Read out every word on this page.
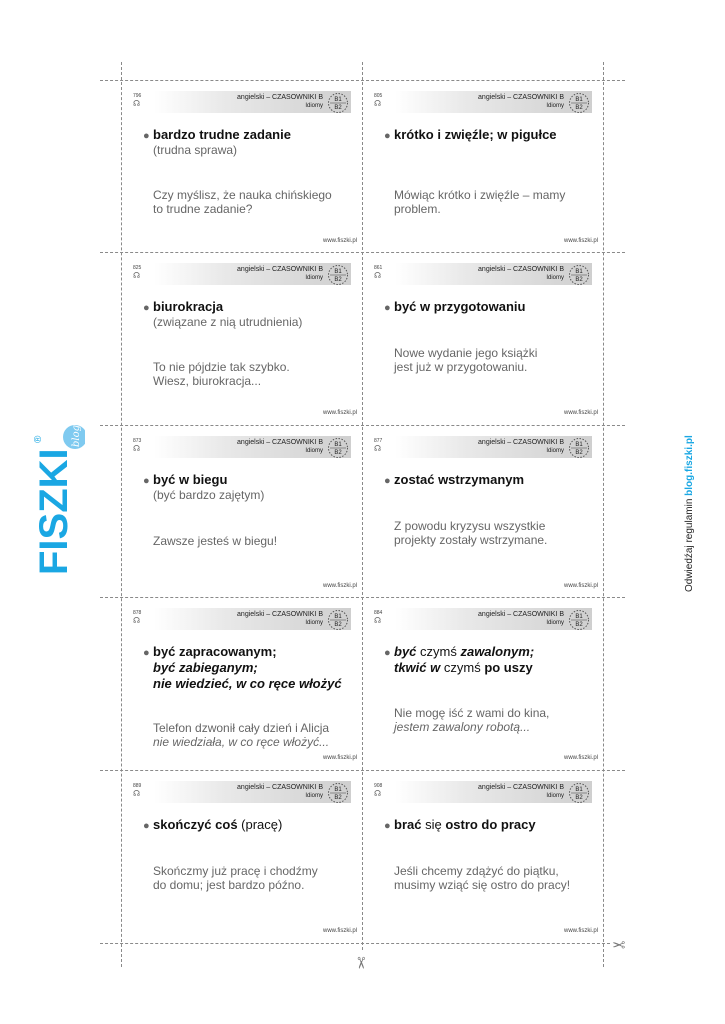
796
☊
angielski – CZASOWNIKI B
Idiomy
B1
B2
● bardzo trudne zadanie
(trudna sprawa)
Czy myślisz, że nauka chińskiego
to trudne zadanie?
www.fiszki.pl
805
☊
angielski – CZASOWNIKI B
Idiomy
B1
B2
● krótko i zwięźle; w pigułce
Mówiąc krótko i zwięźle – mamy
problem.
www.fiszki.pl
825
☊
angielski – CZASOWNIKI B
Idiomy
B1
B2
● biurokracja
(związane z nią utrudnienia)
To nie pójdzie tak szybko.
Wiesz, biurokracja...
www.fiszki.pl
861
☊
angielski – CZASOWNIKI B
Idiomy
B1
B2
● być w przygotowaniu
Nowe wydanie jego książki
jest już w przygotowaniu.
www.fiszki.pl
873
☊
angielski – CZASOWNIKI B
Idiomy
B1
B2
● być w biegu
(być bardzo zajętym)
Zawsze jesteś w biegu!
www.fiszki.pl
877
☊
angielski – CZASOWNIKI B
Idiomy
B1
B2
● zostać wstrzymanym
Z powodu kryzysu wszystkie
projekty zostały wstrzymane.
www.fiszki.pl
878
☊
angielski – CZASOWNIKI B
Idiomy
B1
B2
● być zapracowanym;
być zabieganym;
nie wiedzieć, w co ręce włożyć
Telefon dzwonił cały dzień i Alicja
nie wiedziała, w co ręce włożyć...
www.fiszki.pl
884
☊
angielski – CZASOWNIKI B
Idiomy
B1
B2
● być czymś zawalonym;
tkwić w czymś po uszy
Nie mogę iść z wami do kina,
jestem zawalony robotą...
www.fiszki.pl
889
☊
angielski – CZASOWNIKI B
Idiomy
B1
B2
● skończyć coś (pracę)
Skończmy już pracę i chodźmy
do domu; jest bardzo późno.
www.fiszki.pl
908
☊
angielski – CZASOWNIKI B
Idiomy
B1
B2
● brać się ostro do pracy
Jeśli chcemy zdążyć do piątku,
musimy wziąć się ostro do pracy!
www.fiszki.pl
FISZKI
®	blog
Odwiedźaj regulamin blog.fiszki.pl
✂
✂
